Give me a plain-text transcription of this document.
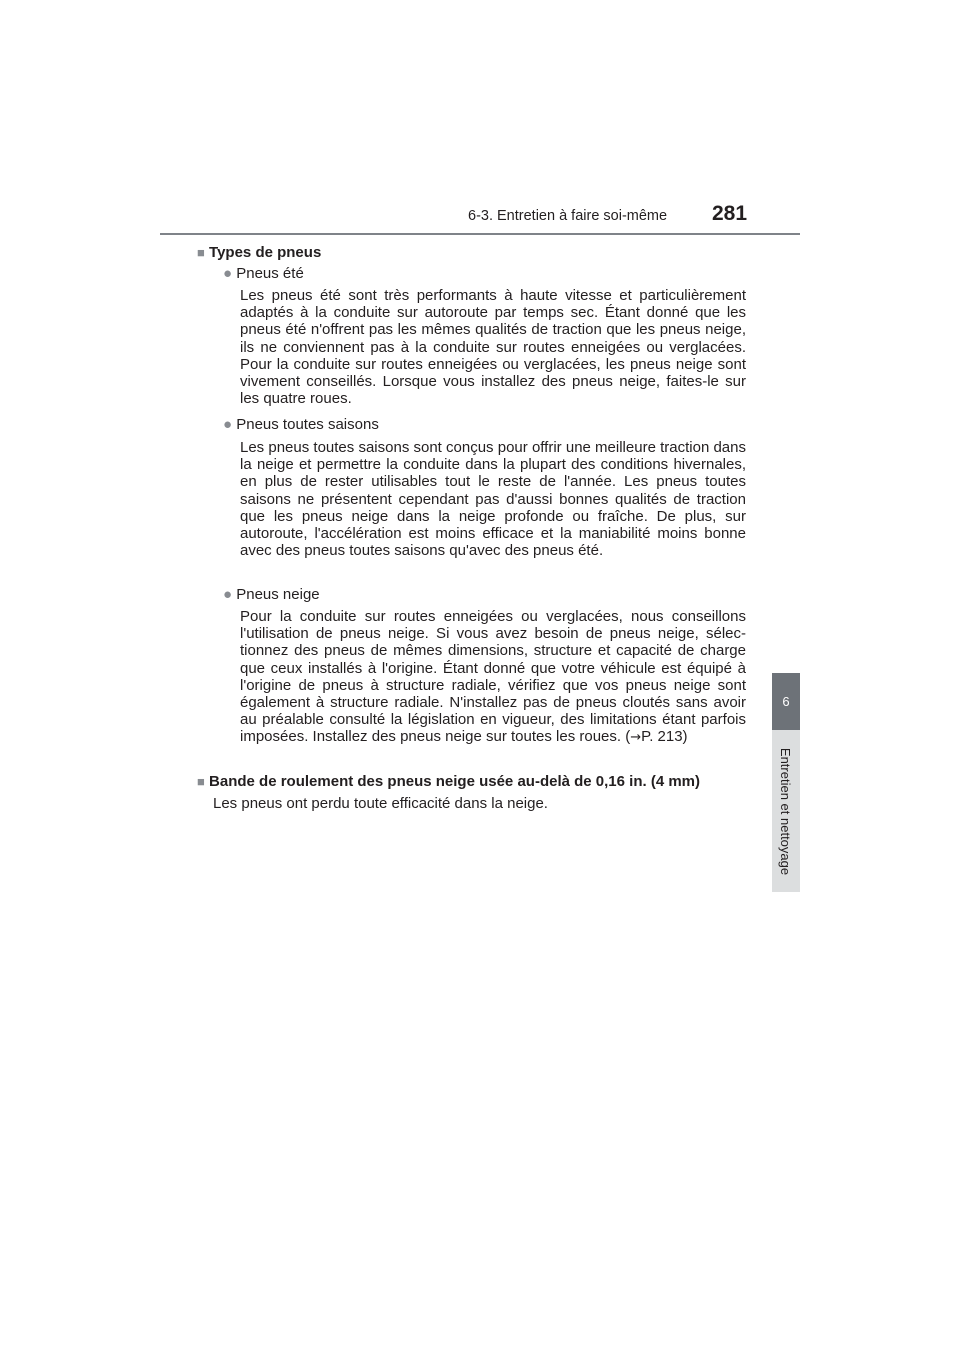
6-3. Entretien à faire soi-même 281
6
Entretien et nettoyage
■ Types de pneus
● Pneus été
Les pneus été sont très performants à haute vitesse et particulièrement adaptés à la conduite sur autoroute par temps sec. Étant donné que les pneus été n'offrent pas les mêmes qualités de traction que les pneus neige, ils ne conviennent pas à la conduite sur routes enneigées ou verglacées. Pour la conduite sur routes enneigées ou verglacées, les pneus neige sont vivement conseillés. Lorsque vous installez des pneus neige, faites-le sur les quatre roues.
● Pneus toutes saisons
Les pneus toutes saisons sont conçus pour offrir une meilleure traction dans la neige et permettre la conduite dans la plupart des conditions hivernales, en plus de rester utilisables tout le reste de l'année. Les pneus toutes saisons ne présentent cependant pas d'aussi bonnes qualités de traction que les pneus neige dans la neige profonde ou fraîche. De plus, sur autoroute, l'accélération est moins efficace et la maniabilité moins bonne avec des pneus toutes saisons qu'avec des pneus été.
● Pneus neige
Pour la conduite sur routes enneigées ou verglacées, nous conseillons l'utilisation de pneus neige. Si vous avez besoin de pneus neige, sélectionnez des pneus de mêmes dimensions, structure et capacité de charge que ceux installés à l'origine. Étant donné que votre véhicule est équipé à l'origine de pneus à structure radiale, vérifiez que vos pneus neige sont également à structure radiale. N'installez pas de pneus cloutés sans avoir au préalable consulté la législation en vigueur, des limitations étant parfois imposées. Installez des pneus neige sur toutes les roues. (→P. 213)
■ Bande de roulement des pneus neige usée au-delà de 0,16 in. (4 mm)
Les pneus ont perdu toute efficacité dans la neige.
